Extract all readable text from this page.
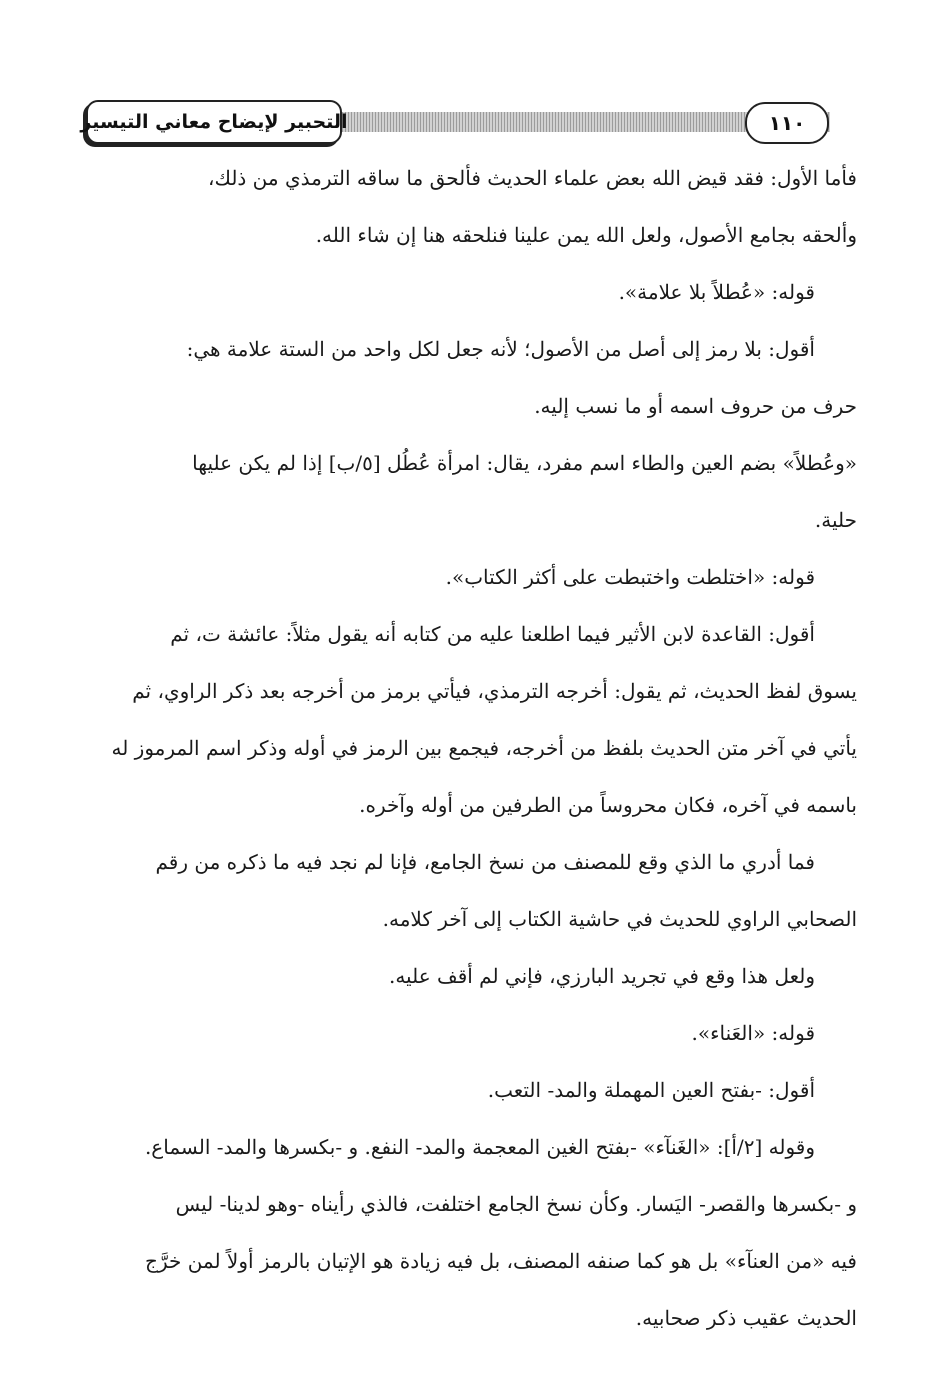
التحبير لإيضاح معاني التيسير	١١٠
فأما الأول: فقد قيض الله بعض علماء الحديث فألحق ما ساقه الترمذي من ذلك،
وألحقه بجامع الأصول، ولعل الله يمن علينا فنلحقه هنا إن شاء الله.
قوله: «عُطلاً بلا علامة».
أقول: بلا رمز إلى أصل من الأصول؛ لأنه جعل لكل واحد من الستة علامة هي:
حرف من حروف اسمه أو ما نسب إليه.
«وعُطلاً» بضم العين والطاء اسم مفرد، يقال: امرأة عُطُل [٥/ب] إذا لم يكن عليها
حلية.
قوله: «اختلطت واختبطت على أكثر الكتاب».
أقول: القاعدة لابن الأثير فيما اطلعنا عليه من كتابه أنه يقول مثلاً: عائشة ت، ثم
يسوق لفظ الحديث، ثم يقول: أخرجه الترمذي، فيأتي برمز من أخرجه بعد ذكر الراوي، ثم
يأتي في آخر متن الحديث بلفظ من أخرجه، فيجمع بين الرمز في أوله وذكر اسم المرموز له
باسمه في آخره، فكان محروساً من الطرفين من أوله وآخره.
فما أدري ما الذي وقع للمصنف من نسخ الجامع، فإنا لم نجد فيه ما ذكره من رقم
الصحابي الراوي للحديث في حاشية الكتاب إلى آخر كلامه.
ولعل هذا وقع في تجريد البارزي، فإني لم أقف عليه.
قوله: «العَناء».
أقول: -بفتح العين المهملة والمد- التعب.
وقوله [٢/أ]: «الغَنآء» -بفتح الغين المعجمة والمد- النفع. و -بكسرها والمد- السماع.
و -بكسرها والقصر- اليَسار. وكأن نسخ الجامع اختلفت، فالذي رأيناه -وهو لدينا- ليس
فيه «من العنآء» بل هو كما صنفه المصنف، بل فيه زيادة هو الإتيان بالرمز أولاً لمن خرَّج
الحديث عقيب ذكر صحابيه.
